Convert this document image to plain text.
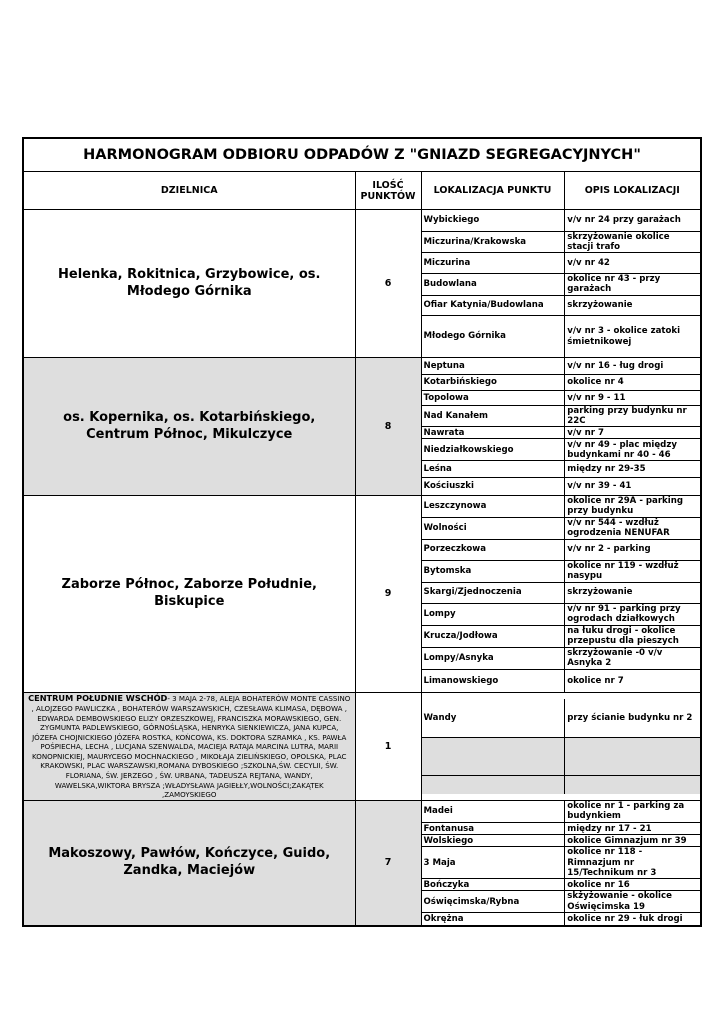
HARMONOGRAM ODBIORU ODPADÓW Z "GNIAZD SEGREGACYJNYCH"
DZIELNICA	ILOŚĆ
PUNKTÓW	LOKALIZACJA PUNKTU	OPIS LOKALIZACJI
Helenka, Rokitnica, Grzybowice, os. Młodego Górnika	6	
Wybickiego	v/v nr 24 przy garażach
Miczurina/Krakowska	skrzyżowanie okolice stacji trafo
Miczurina	v/v nr 42
Budowlana	okolice nr 43 - przy garażach
Ofiar Katynia/Budowlana	skrzyżowanie
Młodego Górnika	v/v nr 3 - okolice zatoki śmietnikowej

os. Kopernika, os. Kotarbińskiego, Centrum Północ, Mikulczyce	8	
Neptuna	v/v nr 16 - ług drogi
Kotarbińskiego	okolice nr 4
Topolowa	v/v nr 9 - 11
Nad Kanałem	parking przy budynku nr 22C
Nawrata	v/v nr 7
Niedziałkowskiego	v/v nr 49 - plac między budynkami nr 40 - 46
Leśna	między nr 29-35
Kościuszki	v/v nr 39 - 41

Zaborze Północ, Zaborze Południe, Biskupice	9	
Leszczynowa	okolice nr 29A - parking przy budynku
Wolności	v/v nr 544 - wzdłuż ogrodzenia NENUFAR
Porzeczkowa	v/v nr 2 - parking
Bytomska	okolice nr 119 - wzdłuż nasypu
Skargi/Zjednoczenia	skrzyżowanie
Lompy	v/v nr 91 - parking przy ogrodach działkowych
Krucza/Jodłowa	na łuku drogi - okolice przepustu dla pieszych
Lompy/Asnyka	skrzyżowanie -0 v/v Asnyka 2
Limanowskiego	okolice nr 7

CENTRUM POŁUDNIE WSCHÓD- 3 MAJA 2-78, ALEJA BOHATERÓW MONTE CASSINO , ALOJZEGO PAWLICZKA , BOHATERÓW WARSZAWSKICH, CZESŁAWA KLIMASA, DĘBOWA , EDWARDA DEMBOWSKIEGO ELIZY ORZESZKOWEJ, FRANCISZKA MORAWSKIEGO, GEN. ZYGMUNTA PADLEWSKIEGO, GÓRNOŚLĄSKA, HENRYKA SIENKIEWICZA, JANA KUPCA, JÓZEFA CHOJNICKIEGO JÓZEFA ROSTKA, KOŃCOWA, KS. DOKTORA SZRAMKA , KS. PAWŁA POŚPIECHA, LECHA , LUCJANA SZENWALDA, MACIEJA RATAJA MARCINA LUTRA, MARII KONOPNICKIEJ, MAURYCEGO MOCHNACKIEGO , MIKOŁAJA ZIELIŃSKIEGO, OPOLSKA, PLAC KRAKOWSKI, PLAC WARSZAWSKI,ROMANA DYBOSKIEGO ;SZKOLNA,ŚW. CECYLII, ŚW. FLORIANA, ŚW. JERZEGO , ŚW. URBANA, TADEUSZA REJTANA, WANDY, WAWELSKA,WIKTORA BRYSZA ;WŁADYSŁAWA JAGIEŁŁY,WOLNOŚCI;ZAKĄTEK ,ZAMOYSKIEGO	1	
Wandy	przy ścianie budynku nr 2

Makoszowy, Pawłów, Kończyce, Guido, Zandka, Maciejów	7	
Madei	okolice nr 1 - parking za budynkiem
Fontanusa	między nr 17 - 21
Wolskiego	okolice Gimnazjum nr 39
3 Maja	okolice nr 118 - Rimnazjum nr 15/Technikum nr 3
Bończyka	okolice nr 16
Oświęcimska/Rybna	skżyżowanie - okolice Oświęcimska 19
Okrężna	okolice nr 29 - łuk drogi
